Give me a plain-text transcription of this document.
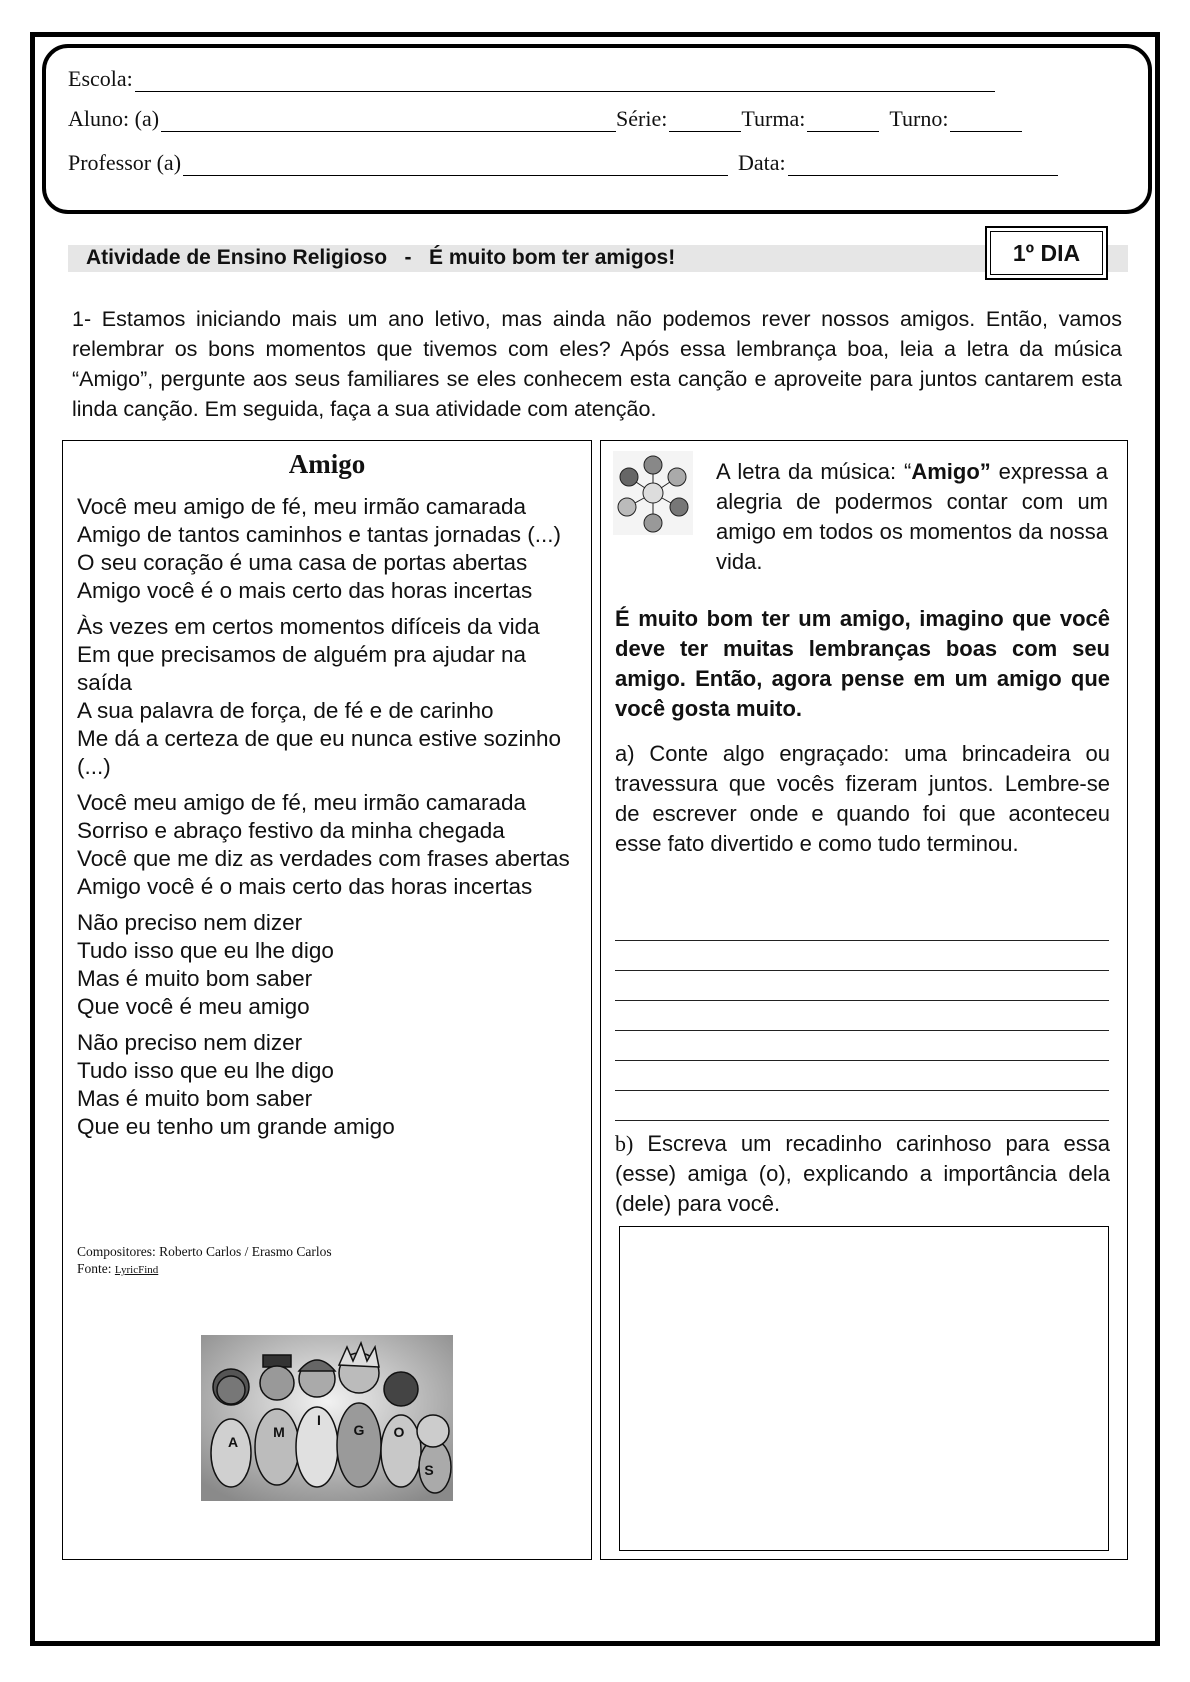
Escola:
Aluno: (a)	Série:	Turma:	Turno:
Professor (a)	Data:
Atividade de Ensino Religioso   -   É muito bom ter amigos!	1º DIA
1- Estamos iniciando mais um ano letivo, mas ainda não podemos rever nossos amigos. Então, vamos relembrar os bons momentos que tivemos com eles? Após essa lembrança boa, leia a letra da música “Amigo”, pergunte aos seus familiares se eles conhecem esta canção e aproveite para juntos cantarem esta linda canção. Em seguida, faça a sua atividade com atenção.
Amigo
Você meu amigo de fé, meu irmão camarada
Amigo de tantos caminhos e tantas jornadas (...)
O seu coração é uma casa de portas abertas
Amigo você é o mais certo das horas incertas
Às vezes em certos momentos difíceis da vida
Em que precisamos de alguém pra ajudar na saída
A sua palavra de força, de fé e de carinho
Me dá a certeza de que eu nunca estive sozinho (...)
Você meu amigo de fé, meu irmão camarada
Sorriso e abraço festivo da minha chegada
Você que me diz as verdades com frases abertas
Amigo você é o mais certo das horas incertas
Não preciso nem dizer
Tudo isso que eu lhe digo
Mas é muito bom saber
Que você é meu amigo
Não preciso nem dizer
Tudo isso que eu lhe digo
Mas é muito bom saber
Que eu tenho um grande amigo
Compositores: Roberto Carlos / Erasmo Carlos
Fonte: LyricFind
A
M
I
G O
S
A letra da música: “Amigo” expressa a alegria de podermos contar com um amigo em todos os momentos da nossa vida.
É muito bom ter um amigo, imagino que você deve ter muitas lembranças boas com seu amigo. Então, agora pense em um amigo que você gosta muito.
a) Conte algo engraçado: uma brincadeira ou travessura que vocês fizeram juntos. Lembre-se de escrever onde e quando foi que aconteceu esse fato divertido e como tudo terminou.
b) Escreva um recadinho carinhoso para essa (esse) amiga (o), explicando a importância dela (dele) para você.
